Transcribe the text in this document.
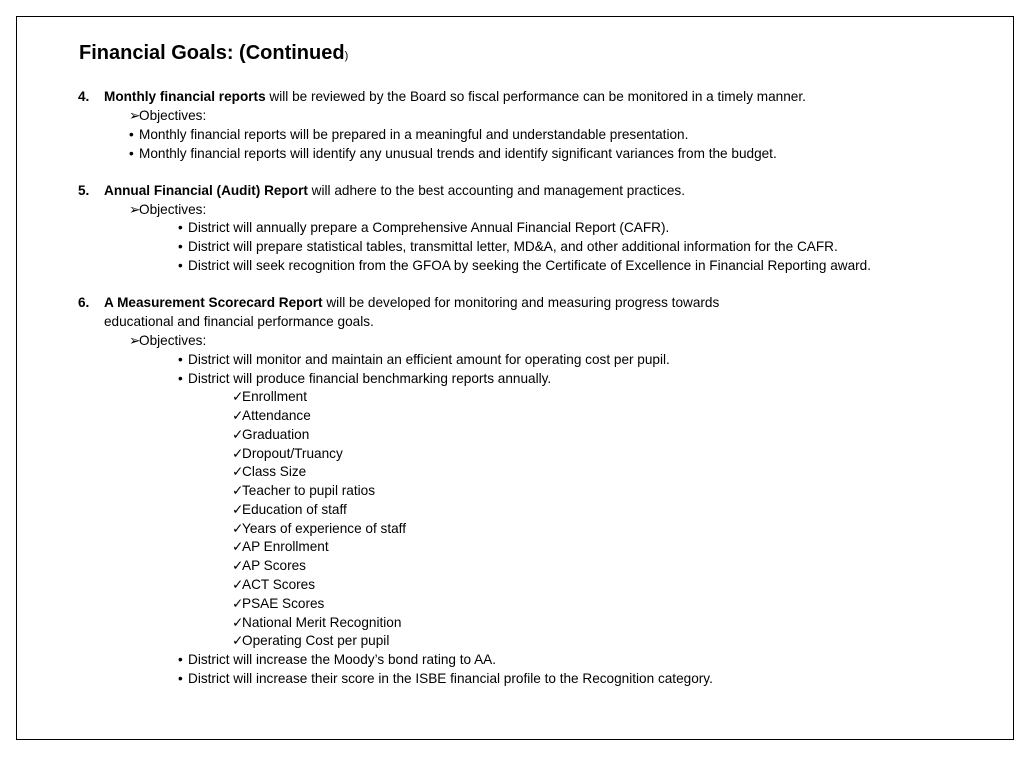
Financial Goals: (Continued)
4. Monthly financial reports will be reviewed by the Board so fiscal performance can be monitored in a timely manner.
➢Objectives:
• Monthly financial reports will be prepared in a meaningful and understandable presentation.
• Monthly financial reports will identify any unusual trends and identify significant variances from the budget.
5. Annual Financial (Audit) Report will adhere to the best accounting and management practices.
➢Objectives:
• District will annually prepare a Comprehensive Annual Financial Report (CAFR).
• District will prepare statistical tables, transmittal letter, MD&A, and other additional information for the CAFR.
• District will seek recognition from the GFOA by seeking the Certificate of Excellence in Financial Reporting award.
6. A Measurement Scorecard Report will be developed for monitoring and measuring progress towards
educational and financial performance goals.
➢Objectives:
• District will monitor and maintain an efficient amount for operating cost per pupil.
• District will produce financial benchmarking reports annually.
✓Enrollment
✓Attendance
✓Graduation
✓Dropout/Truancy
✓Class Size
✓Teacher to pupil ratios
✓Education of staff
✓Years of experience of staff
✓AP Enrollment
✓AP Scores
✓ACT Scores
✓PSAE Scores
✓National Merit Recognition
✓Operating Cost per pupil
• District will increase the Moody’s bond rating to AA.
• District will increase their score in the ISBE financial profile to the Recognition category.
